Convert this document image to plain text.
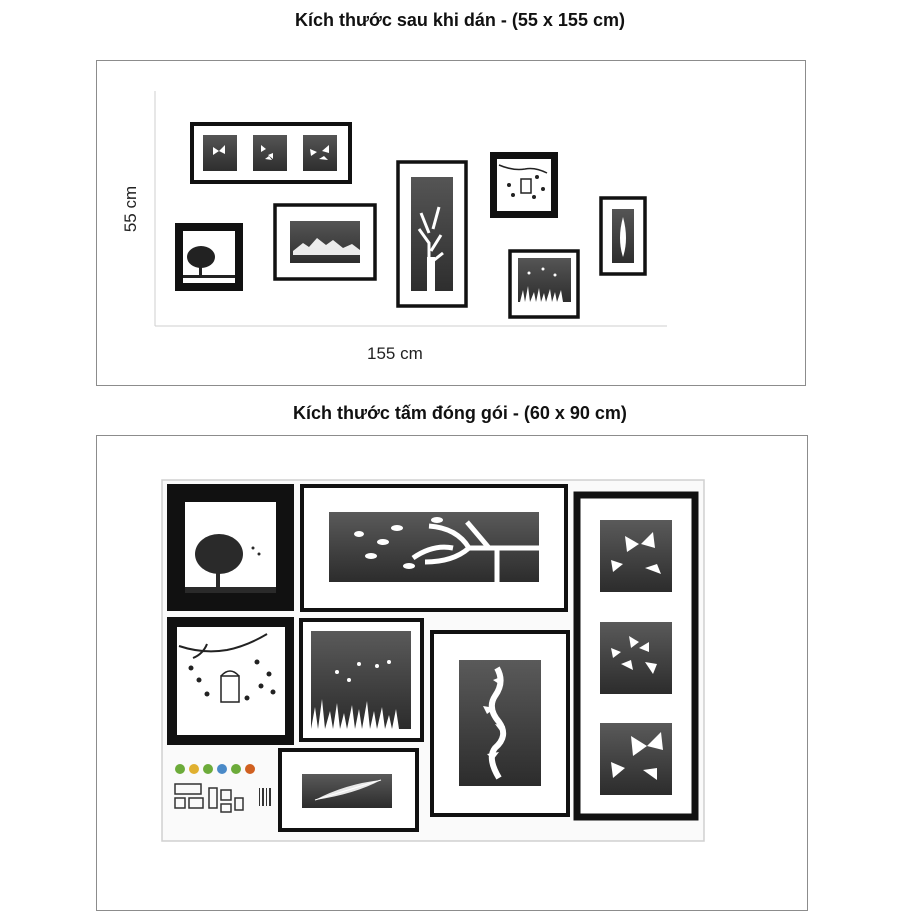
Kích thước sau khi dán - (55 x 155 cm)
55 cm
155 cm
Kích thước tấm đóng gói - (60 x 90 cm)
